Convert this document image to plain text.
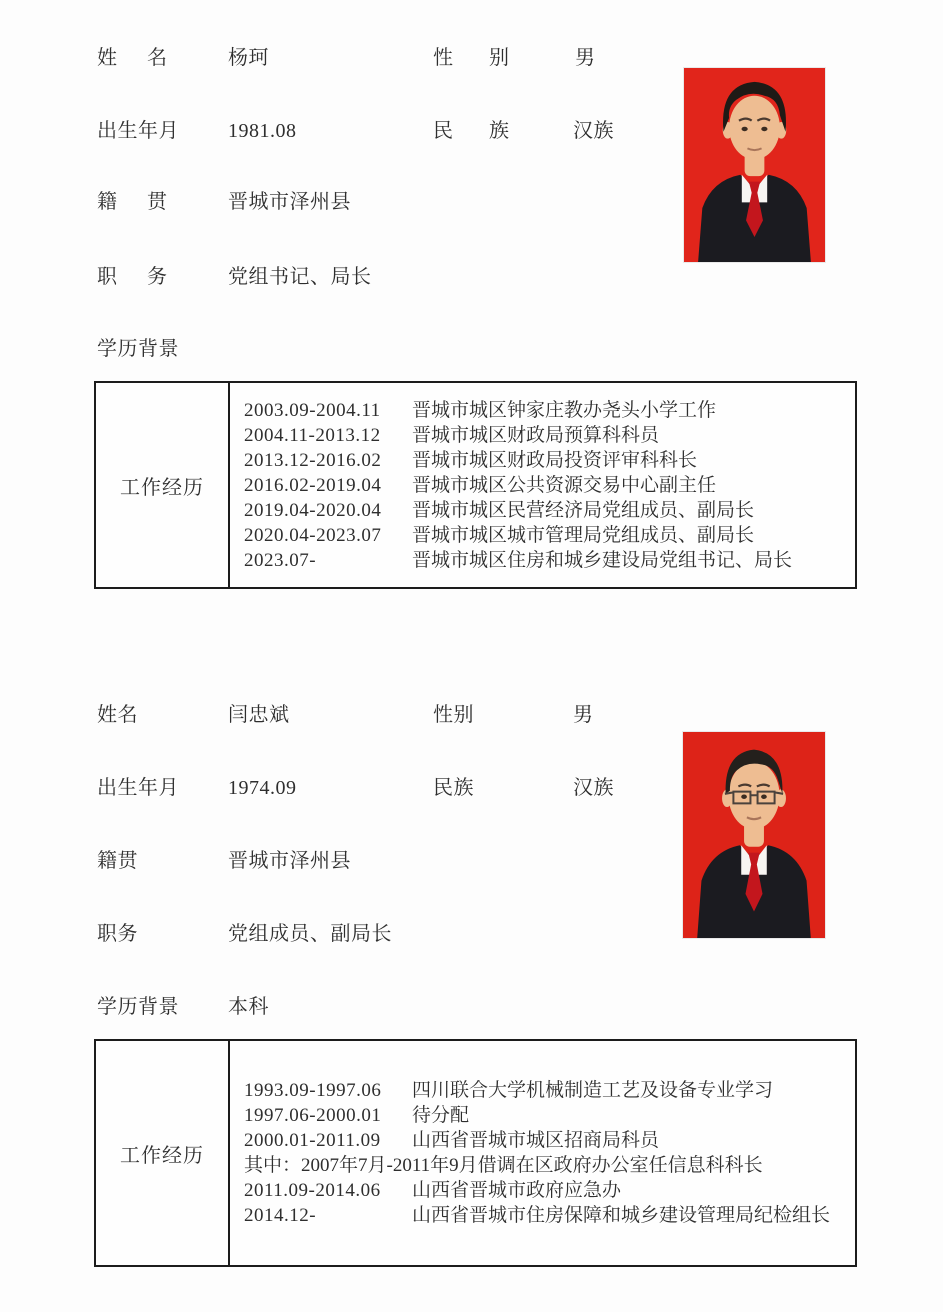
姓 名	杨珂	性 别	男
出生年月 1981.08	民 族	汉族
籍 贯	晋城市泽州县
职 务	党组书记、局长
学历背景
工作经历
2003.09-2004.11	晋城市城区钟家庄教办尧头小学工作
2004.11-2013.12	晋城市城区财政局预算科科员
2013.12-2016.02	晋城市城区财政局投资评审科科长
2016.02-2019.04	晋城市城区公共资源交易中心副主任
2019.04-2020.04	晋城市城区民营经济局党组成员、副局长
2020.04-2023.07	晋城市城区城市管理局党组成员、副局长
2023.07-	晋城市城区住房和城乡建设局党组书记、局长
姓名	闫忠斌	性别	男
出生年月 1974.09	民族	汉族
籍贯	晋城市泽州县
职务	党组成员、副局长
学历背景 本科
工作经历
1993.09-1997.06	四川联合大学机械制造工艺及设备专业学习
1997.06-2000.01	待分配
2000.01-2011.09	山西省晋城市城区招商局科员
其中：2007年7月-2011年9月借调在区政府办公室任信息科科长
2011.09-2014.06	山西省晋城市政府应急办
2014.12-	山西省晋城市住房保障和城乡建设管理局纪检组长
